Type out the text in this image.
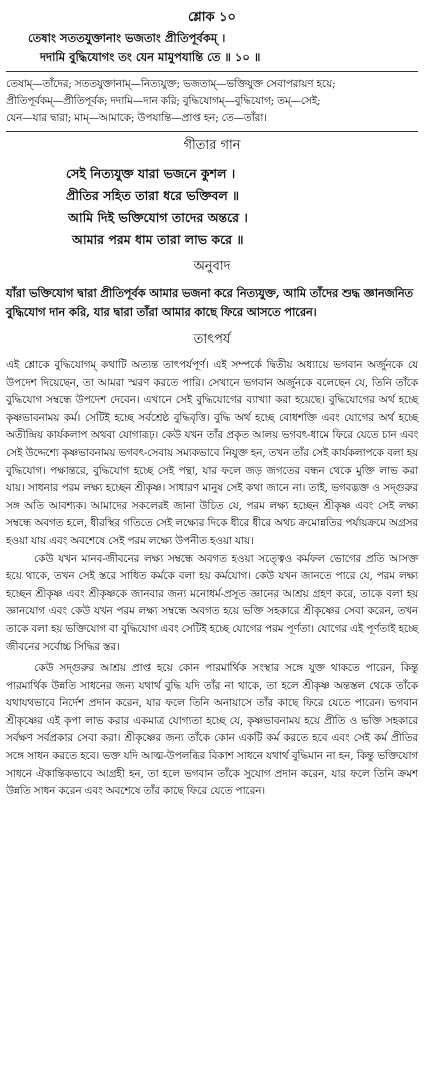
শ্লোক ১০
তেষাং সততযুক্তানাং ভজতাং প্রীতিপূর্বকম্ ।
দদামি বুদ্ধিযোগং তং যেন মামুপযান্তি তে ॥ ১০ ॥
তেষাম্—তাঁদের; সততযুক্তানাম্—নিত্যযুক্ত; ভজতাম্—ভক্তিযুক্ত সেবাপরায়ণ হয়ে;
প্রীতিপূর্বকম্—প্রীতিপূর্বক; দদামি—দান করি; বুদ্ধিযোগম্—বুদ্ধিযোগ; তম্—সেই;
যেন—যার দ্বারা; মাম্—আমাকে; উপযান্তি—প্রাপ্ত হন; তে—তাঁরা।
গীতার গান
সেই নিত্যযুক্ত যারা ভজনে কুশল ।
প্রীতির সহিত তারা ধরে ভক্তিবল ॥
আমি দিই ভক্তিযোগ তাদের অন্তরে ।
আমার পরম ধাম তারা লাভ করে ॥
অনুবাদ
যাঁরা ভক্তিযোগ দ্বারা প্রীতিপূর্বক আমার ভজনা করে নিত্যযুক্ত, আমি তাঁদের শুদ্ধ জ্ঞানজনিত বুদ্ধিযোগ দান করি, যার দ্বারা তাঁরা আমার কাছে ফিরে আসতে পারেন।
তাৎপর্য

এই শ্লোকে বুদ্ধিযোগম্ কথাটি অত্যন্ত তাৎপর্যপূর্ণ। এই সম্পর্কে দ্বিতীয় অধ্যায়ে ভগবান অর্জুনকে যে উপদেশ দিয়েছেন, তা আমরা স্মরণ করতে পারি। সেখানে ভগবান অর্জুনকে বলেছেন যে, তিনি তাঁকে বুদ্ধিযোগ সম্বন্ধে উপদেশ দেবেন। এখানে সেই বুদ্ধিযোগের ব্যাখ্যা করা হয়েছে। বুদ্ধিযোগের অর্থ হচ্ছে কৃষ্ণভাবনাময় কর্ম। সেটিই হচ্ছে সর্বশ্রেষ্ঠ বুদ্ধিবৃত্তি। বুদ্ধি অর্থ হচ্ছে বোধশক্তি এবং যোগের অর্থ হচ্ছে অতীন্দ্রিয় কার্যকলাপ অথবা যোগারূঢ়। কেউ যখন তাঁর প্রকৃত আলয় ভগবৎ-ধামে ফিরে যেতে চান এবং সেই উদ্দেশ্যে কৃষ্ণভাবনাময় ভগবৎ-সেবায় সম্যকভাবে নিযুক্ত হন, তখন তাঁর সেই কার্যকলাপকে বলা হয় বুদ্ধিযোগ। পক্ষান্তরে, বুদ্ধিযোগ হচ্ছে সেই পন্থা, যার ফলে জড় জগতের বন্ধন থেকে মুক্তি লাভ করা যায়। সাধনার পরম লক্ষ্য হচ্ছেন শ্রীকৃষ্ণ। সাধারণ মানুষ সেই কথা জানে না। তাই, ভগবদ্ভক্ত ও সদ্গুরুর সঙ্গ অতি আবশ্যক। আমাদের সকলেরই জানা উচিত যে, পরম লক্ষ্য হচ্ছেন শ্রীকৃষ্ণ এবং সেই লক্ষ্য সম্বন্ধে অবগত হলে, ধীরস্থির গতিতে সেই লক্ষ্যের দিকে ধীরে ধীরে অথচ ক্রমোন্নতির পর্যায়ক্রমে অগ্রসর হওয়া যায় এবং অবশেষে সেই পরম লক্ষ্যে উপনীত হওয়া যায়।

কেউ যখন মানব-জীবনের লক্ষ্য সম্বন্ধে অবগত হওয়া সত্ত্বেও কর্মফল ভোগের প্রতি আসক্ত হয়ে থাকে, তখন সেই স্তরে সাধিত কর্মকে বলা হয় কর্মযোগ। কেউ যখন জানতে পারে যে, পরম লক্ষ্য হচ্ছেন শ্রীকৃষ্ণ এবং শ্রীকৃষ্ণকে জানবার জন্য মনোধর্ম-প্রসূত জ্ঞানের আশ্রয় গ্রহণ করে, তাকে বলা হয় জ্ঞানযোগ এবং কেউ যখন পরম লক্ষ্য সম্বন্ধে অবগত হয়ে ভক্তি সহকারে শ্রীকৃষ্ণের সেবা করেন, তখন তাকে বলা হয় ভক্তিযোগ বা বুদ্ধিযোগ এবং সেটিই হচ্ছে যোগের পরম পূর্ণতা। যোগের এই পূর্ণতাই হচ্ছে জীবনের সর্বোচ্চ সিদ্ধির স্তর।

কেউ সদ্গুরুর আশ্রয় প্রাপ্ত হয়ে কোন পারমার্থিক সংস্থার সঙ্গে যুক্ত থাকতে পারেন, কিন্তু পারমার্থিক উন্নতি সাধনের জন্য যথার্থ বুদ্ধি যদি তাঁর না থাকে, তা হলে শ্রীকৃষ্ণ অন্তস্তল থেকে তাঁকে যথাযথভাবে নির্দেশ প্রদান করেন, যার ফলে তিনি অনায়াসে তাঁর কাছে ফিরে যেতে পারেন। ভগবান শ্রীকৃষ্ণের এই কৃপা লাভ করার একমাত্র যোগ্যতা হচ্ছে যে, কৃষ্ণভাবনাময় হয়ে প্রীতি ও ভক্তি সহকারে সর্বক্ষণ সর্বপ্রকার সেবা করা। শ্রীকৃষ্ণের জন্য তাঁকে কোন একটি কর্ম করতে হবে এবং সেই কর্ম প্রীতির সঙ্গে সাধন করতে হবে। ভক্ত যদি আত্ম-উপলব্ধির বিকাশ সাধনে যথার্থ বুদ্ধিমান না হন, কিন্তু ভক্তিযোগ সাধনে ঐকান্তিকভাবে আগ্রহী হন, তা হলে ভগবান তাঁকে সুযোগ প্রদান করেন, যার ফলে তিনি ক্রমশ উন্নতি সাধন করেন এবং অবশেষে তাঁর কাছে ফিরে যেতে পারেন।
